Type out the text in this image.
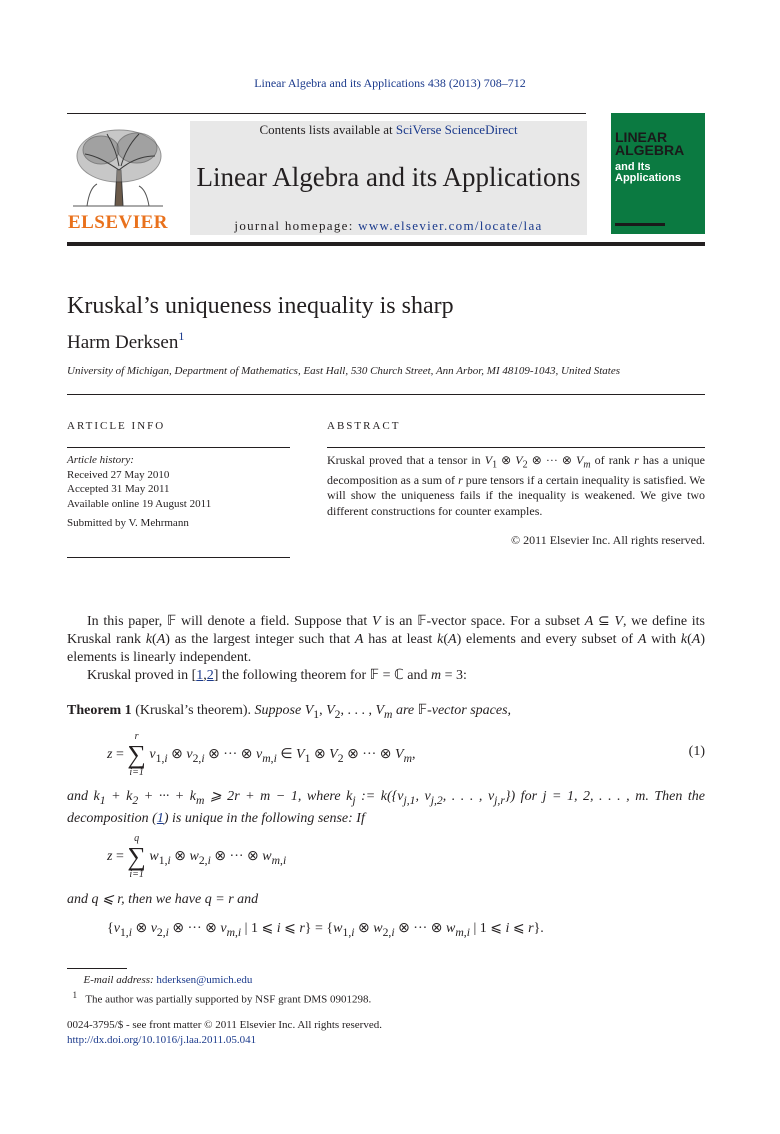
Linear Algebra and its Applications 438 (2013) 708–712
ELSEVIER
Contents lists available at SciVerse ScienceDirect
Linear Algebra and its Applications
journal homepage: www.elsevier.com/locate/laa
LINEAR
ALGEBRA
and Its
Applications
Kruskal’s uniqueness inequality is sharp
Harm Derksen$^1$
University of Michigan, Department of Mathematics, East Hall, 530 Church Street, Ann Arbor, MI 48109-1043, United States
ARTICLE INFO	ABSTRACT
Article history:
Received 27 May 2010
Accepted 31 May 2011
Available online 19 August 2011
Submitted by V. Mehrmann
Kruskal proved that a tensor in $V_1$ ⊗ $V_2$ ⊗ ··· ⊗ $V_m$ of rank r has a unique decomposition as a sum of r pure tensors if a certain inequality is satisfied. We will show the uniqueness fails if the inequality is weakened. We give two different constructions for counter examples.
© 2011 Elsevier Inc. All rights reserved.
In this paper, 𝔽 will denote a field. Suppose that V is an 𝔽-vector space. For a subset A ⊆ V, we define its Kruskal rank k(A) as the largest integer such that A has at least k(A) elements and every subset of A with k(A) elements is linearly independent.
Kruskal proved in [1,2] the following theorem for 𝔽 = ℂ and m = 3:
Theorem 1 (Kruskal’s theorem). Suppose $V_1$, $V_2$, . . . , $V_m$ are 𝔽-vector spaces,
z =
r
∑
i=1
$v_{1,i}$ ⊗ $v_{2,i}$ ⊗ ··· ⊗ $v_{m,i}$ ∈ $V_1$ ⊗ $V_2$ ⊗ ··· ⊗ $V_m$,	(1)
and $k_1 + k_2$ + ··· + $k_m$ ⩾ 2r + m − 1, where $k_j$ := $k(\{v_{j,1}$, $v_{j,2}$, . . . , $v_{j,r}$}) for j = 1, 2, . . . , m. Then the decomposition (1) is unique in the following sense: If
z =
q
∑
i=1
$w_{1,i}$ ⊗ $w_{2,i}$ ⊗ ··· ⊗ $w_{m,i}$
and q ⩽ r, then we have q = r and
{$v_{1,i}$ ⊗ $v_{2,i}$ ⊗ ··· ⊗ $v_{m,i}$ | 1 ⩽ i ⩽ $r\} = \{w_{1,i}$ ⊗ $w_{2,i}$ ⊗ ··· ⊗ $w_{m,i}$ | 1 ⩽ i ⩽ r}.
E-mail address: hderksen@umich.edu
$^1$ The author was partially supported by NSF grant DMS 0901298.
0024-3795/$ - see front matter © 2011 Elsevier Inc. All rights reserved.
http://dx.doi.org/10.1016/j.laa.2011.05.041
